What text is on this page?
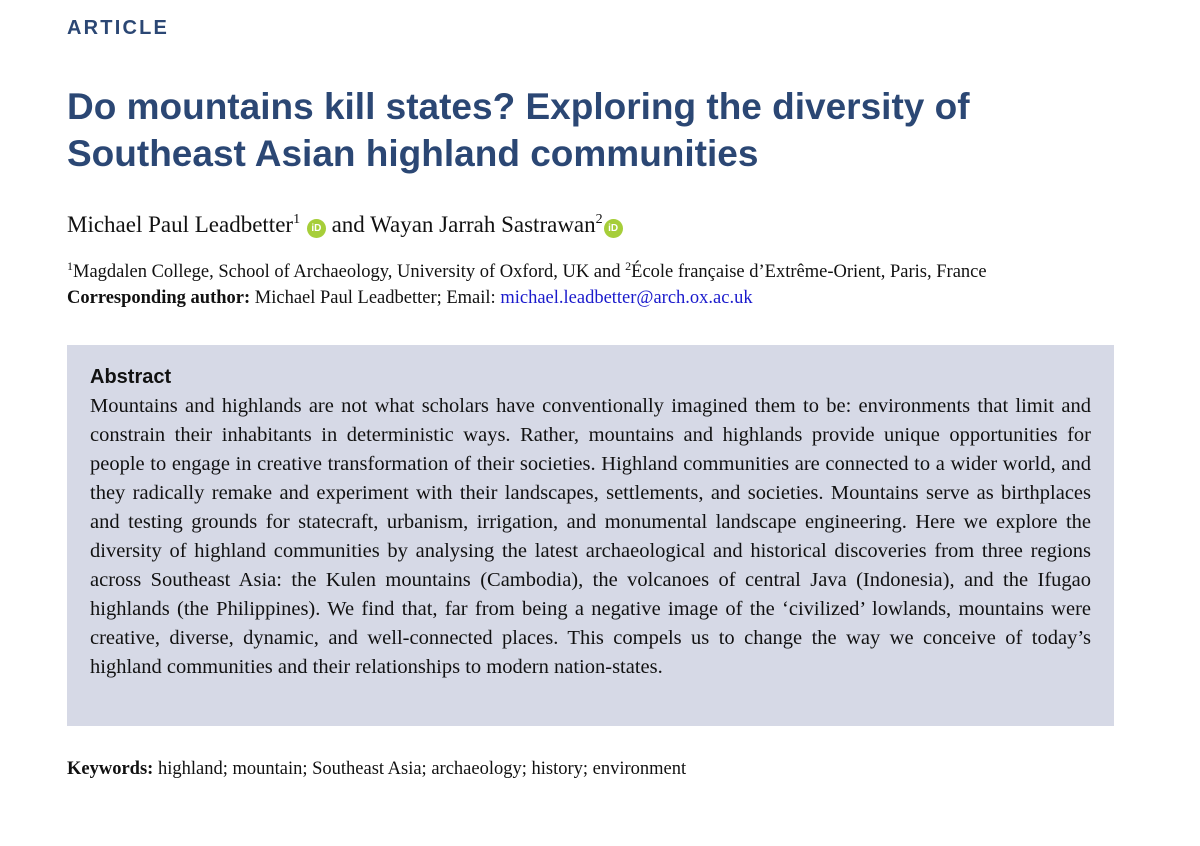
ARTICLE
Do mountains kill states? Exploring the diversity of Southeast Asian highland communities
Michael Paul Leadbetter$^1$ iD and Wayan Jarrah Sastrawan$^2$iD
$^1$Magdalen College, School of Archaeology, University of Oxford, UK and $^2$École française d’Extrême-Orient, Paris, France
Corresponding author: Michael Paul Leadbetter; Email: michael.leadbetter@arch.ox.ac.uk
Abstract

Mountains and highlands are not what scholars have conventionally imagined them to be: environments that limit and constrain their inhabitants in deterministic ways. Rather, mountains and highlands provide unique opportunities for people to engage in creative transformation of their societies. Highland communities are connected to a wider world, and they radically remake and experiment with their landscapes, settlements, and societies. Mountains serve as birthplaces and testing grounds for statecraft, urbanism, irrigation, and monumental landscape engineering. Here we explore the diversity of highland communities by analysing the latest archaeological and historical discoveries from three regions across Southeast Asia: the Kulen mountains (Cambodia), the volcanoes of central Java (Indonesia), and the Ifugao highlands (the Philippines). We find that, far from being a negative image of the ‘civilized’ lowlands, mountains were creative, diverse, dynamic, and well-connected places. This compels us to change the way we conceive of today’s highland communities and their relationships to modern nation-states.

Keywords: highland; mountain; Southeast Asia; archaeology; history; environment
